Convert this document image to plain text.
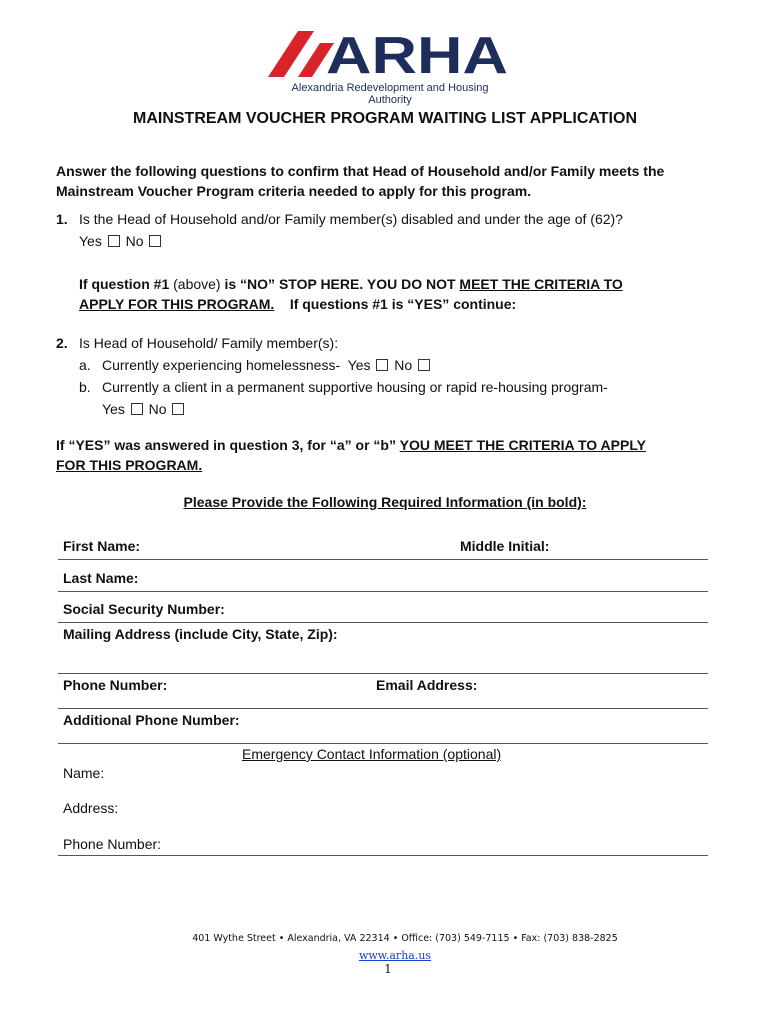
ARHA
Alexandria Redevelopment and Housing Authority
MAINSTREAM VOUCHER PROGRAM WAITING LIST APPLICATION
Answer the following questions to confirm that Head of Household and/or Family meets the
Mainstream Voucher Program criteria needed to apply for this program.
1. Is the Head of Household and/or Family member(s) disabled and under the age of (62)?
Yes No
If question #1 (above) is “NO” STOP HERE. YOU DO NOT MEET THE CRITERIA TO
APPLY FOR THIS PROGRAM. If questions #1 is “YES” continue:
2. Is Head of Household/ Family member(s):
a. Currently experiencing homelessness- Yes No
b. Currently a client in a permanent supportive housing or rapid re-housing program-
Yes No
If “YES” was answered in question 3, for “a” or “b” YOU MEET THE CRITERIA TO APPLY
FOR THIS PROGRAM.
Please Provide the Following Required Information (in bold):
First Name:	Middle Initial:
Last Name:
Social Security Number:
Mailing Address (include City, State, Zip):
Phone Number:	Email Address:
Additional Phone Number:
Emergency Contact Information (optional)
Name:
Address:
Phone Number:
401 Wythe Street • Alexandria, VA 22314 • Office: (703) 549-7115 • Fax: (703) 838-2825
www.arha.us
1
